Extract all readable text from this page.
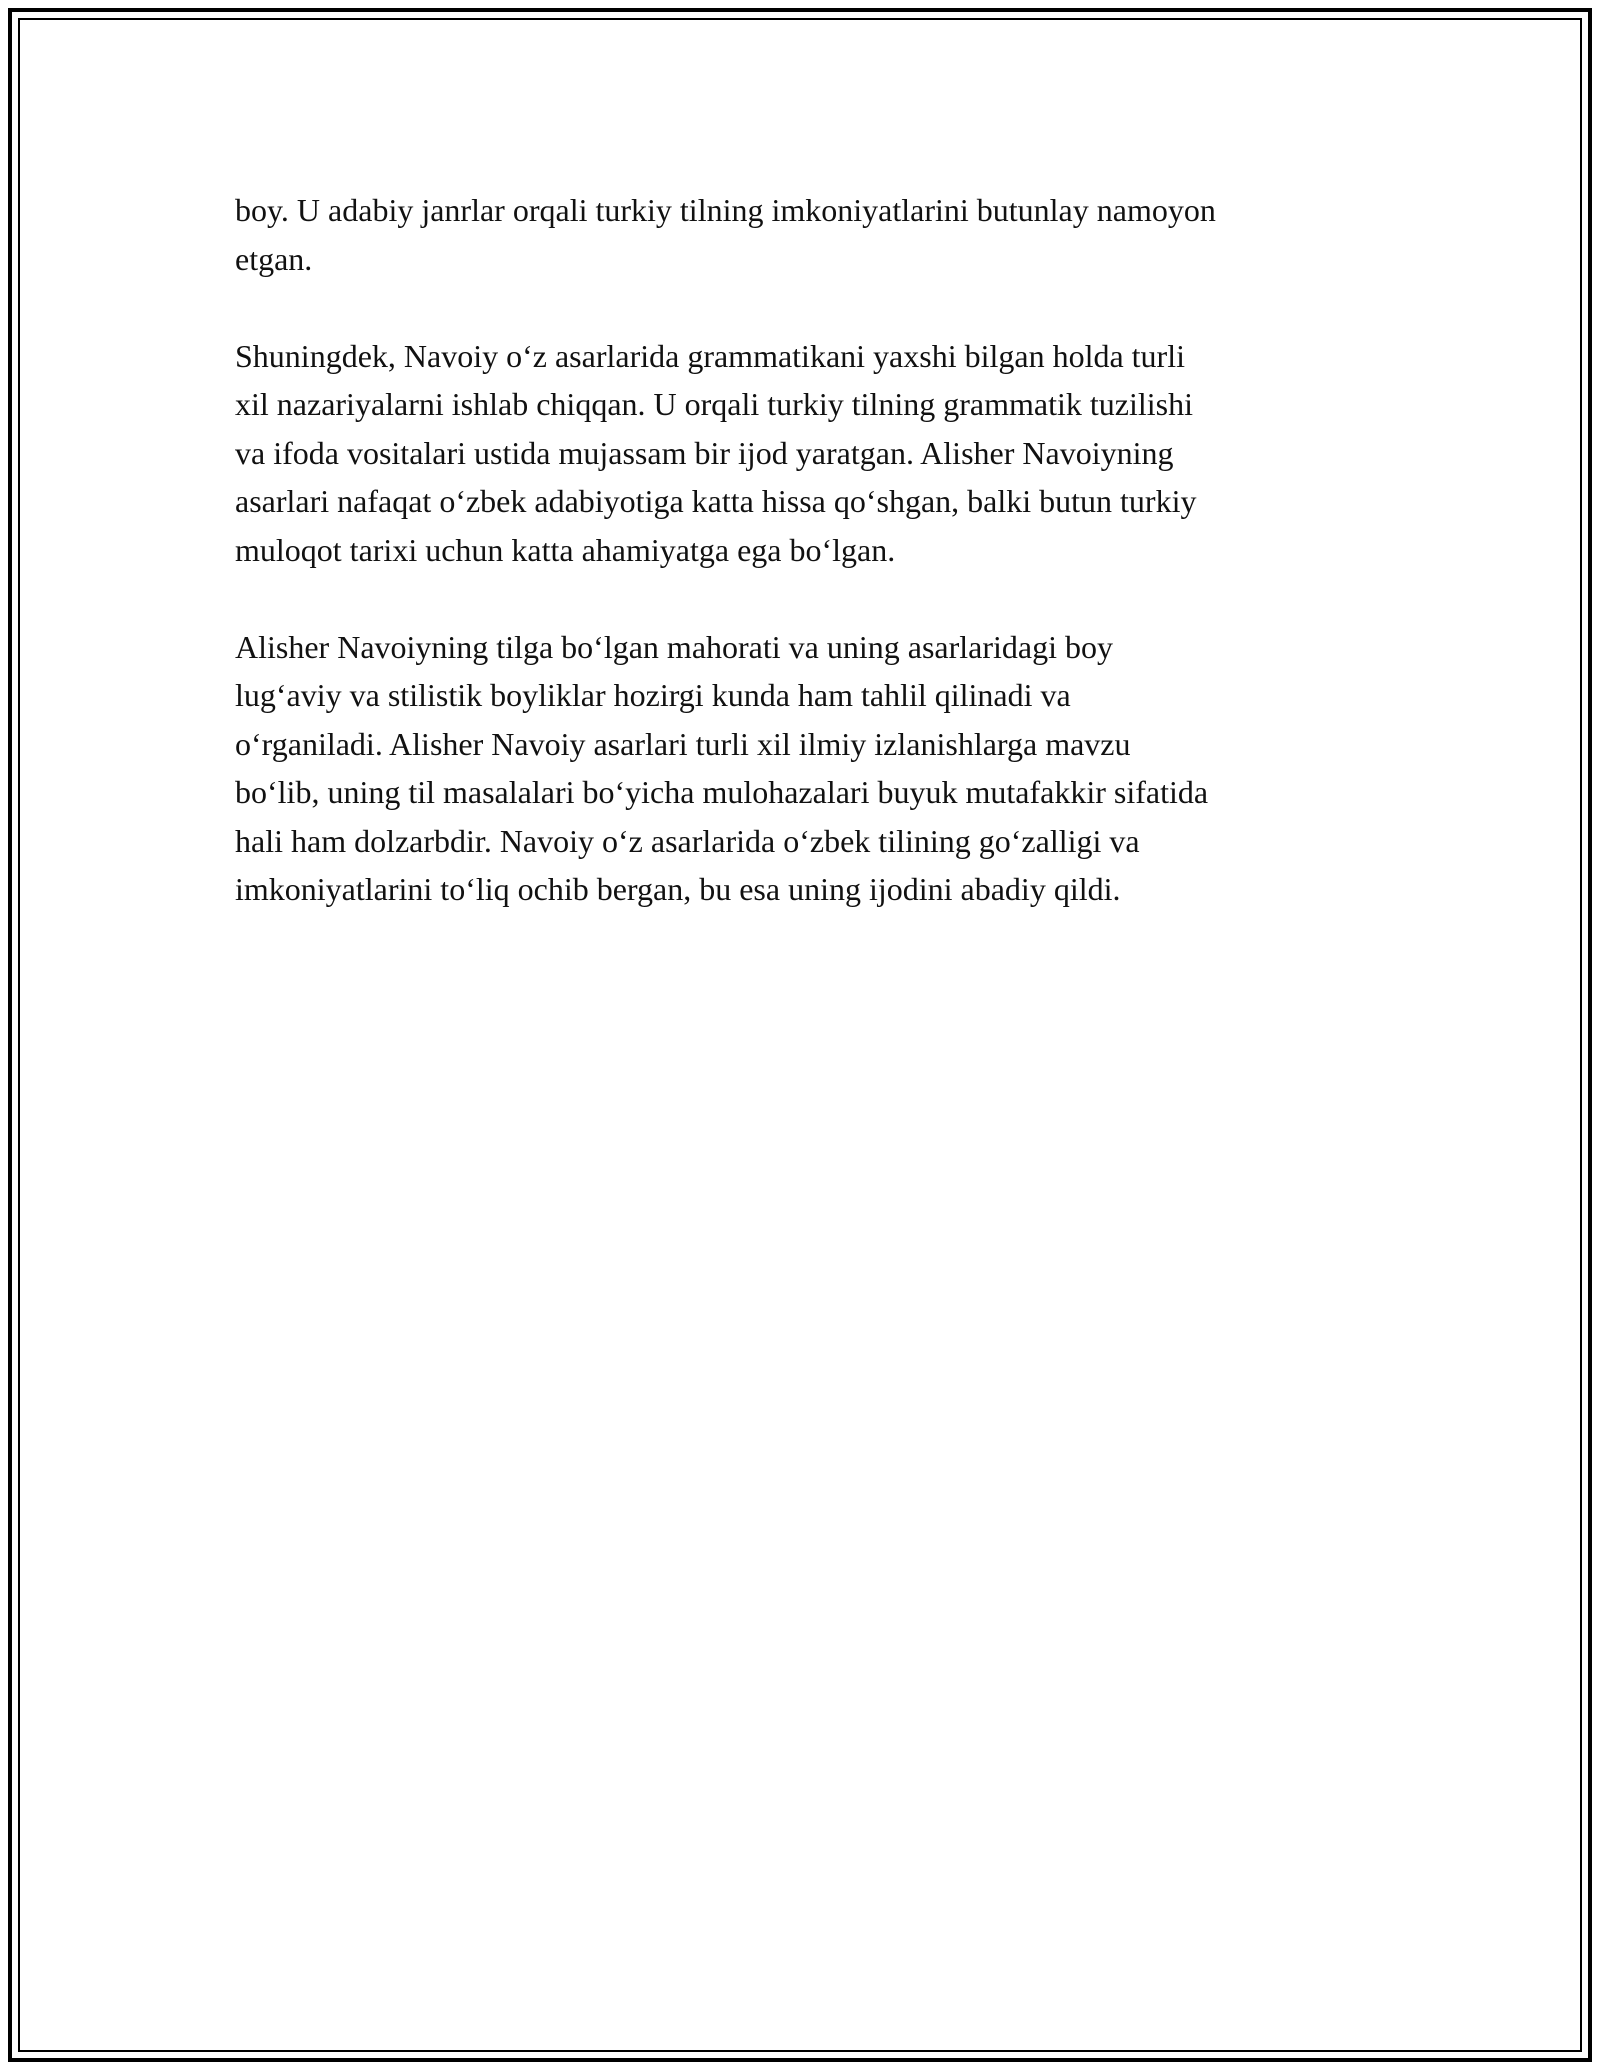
boy. U adabiy janrlar orqali turkiy tilning imkoniyatlarini butunlay namoyon
etgan.

Shuningdek, Navoiy o‘z asarlarida grammatikani yaxshi bilgan holda turli
xil nazariyalarni ishlab chiqqan. U orqali turkiy tilning grammatik tuzilishi
va ifoda vositalari ustida mujassam bir ijod yaratgan. Alisher Navoiyning
asarlari nafaqat o‘zbek adabiyotiga katta hissa qo‘shgan, balki butun turkiy
muloqot tarixi uchun katta ahamiyatga ega bo‘lgan.

Alisher Navoiyning tilga bo‘lgan mahorati va uning asarlaridagi boy
lug‘aviy va stilistik boyliklar hozirgi kunda ham tahlil qilinadi va
o‘rganiladi. Alisher Navoiy asarlari turli xil ilmiy izlanishlarga mavzu
bo‘lib, uning til masalalari bo‘yicha mulohazalari buyuk mutafakkir sifatida
hali ham dolzarbdir. Navoiy o‘z asarlarida o‘zbek tilining go‘zalligi va
imkoniyatlarini to‘liq ochib bergan, bu esa uning ijodini abadiy qildi.
